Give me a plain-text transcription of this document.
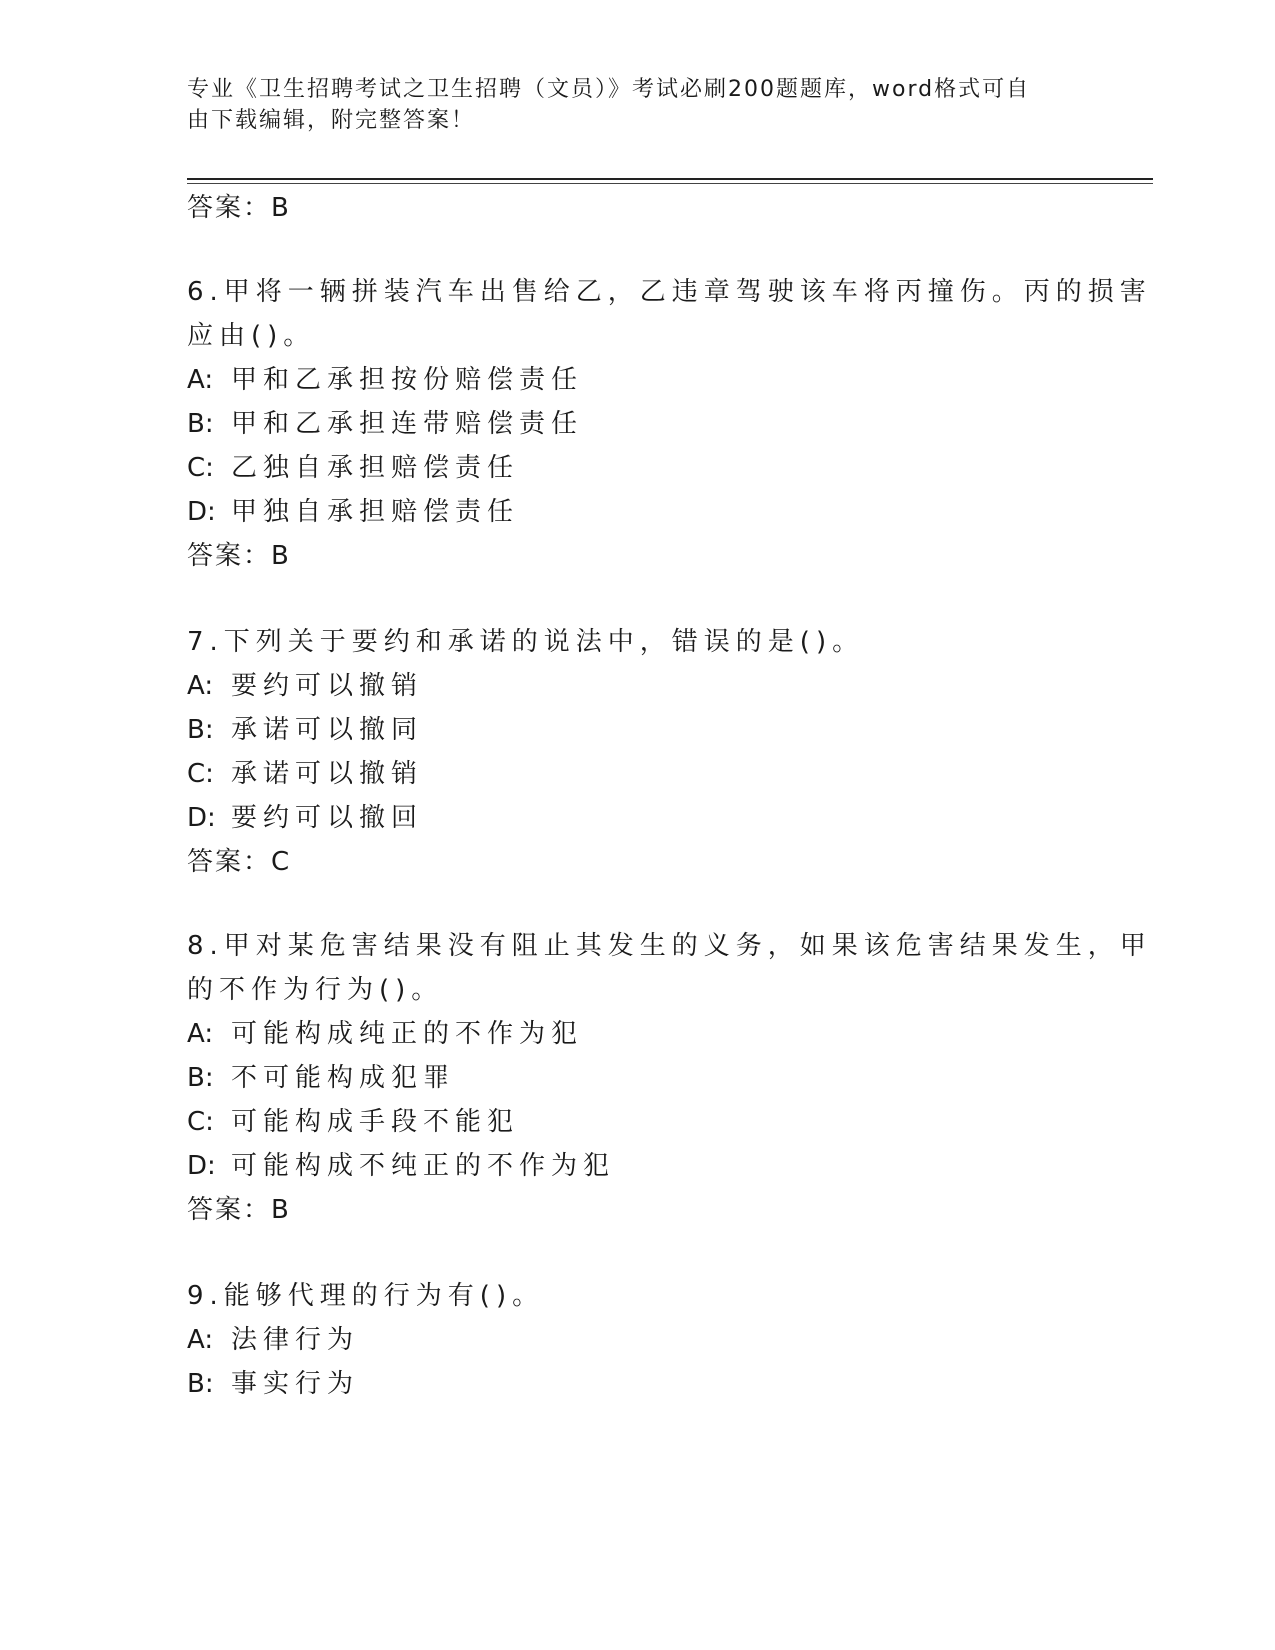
专业《卫生招聘考试之卫生招聘（文员）》考试必刷200题题库，word格式可自
由下载编辑，附完整答案！
答案：B
6.甲将一辆拼装汽车出售给乙，乙违章驾驶该车将丙撞伤。丙的损害
应由()。
A: 甲和乙承担按份赔偿责任
B: 甲和乙承担连带赔偿责任
C: 乙独自承担赔偿责任
D: 甲独自承担赔偿责任
答案：B
7.下列关于要约和承诺的说法中，错误的是()。
A: 要约可以撤销
B: 承诺可以撤同
C: 承诺可以撤销
D: 要约可以撤回
答案：C
8.甲对某危害结果没有阻止其发生的义务，如果该危害结果发生，甲
的不作为行为()。
A: 可能构成纯正的不作为犯
B: 不可能构成犯罪
C: 可能构成手段不能犯
D: 可能构成不纯正的不作为犯
答案：B
9.能够代理的行为有()。
A: 法律行为
B: 事实行为
